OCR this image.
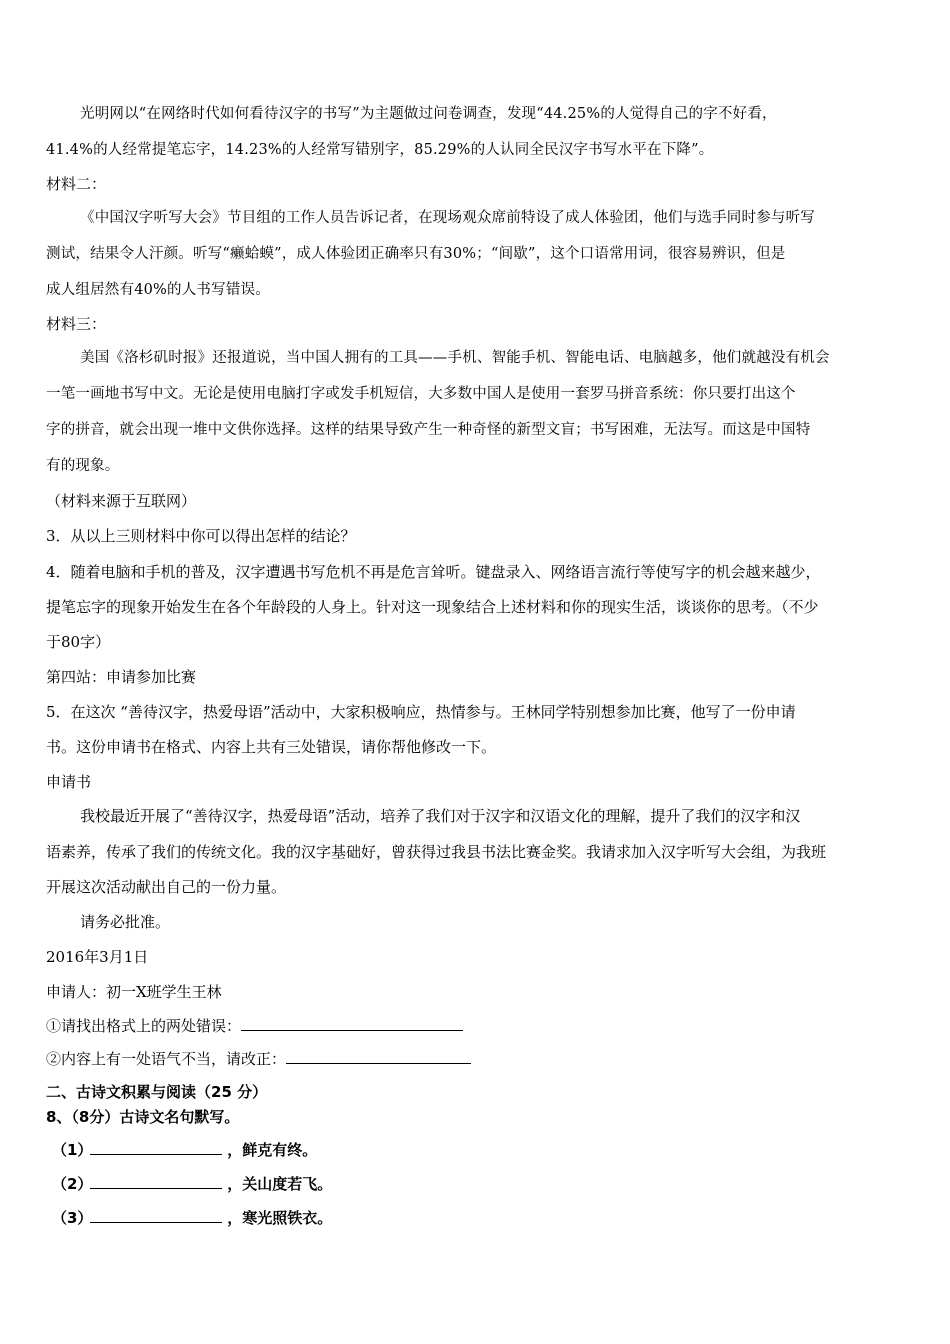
光明网以“在网络时代如何看待汉字的书写”为主题做过问卷调查，发现“44.25%的人觉得自己的字不好看，
41.4%的人经常提笔忘字，14.23%的人经常写错别字，85.29%的人认同全民汉字书写水平在下降”。
材料二：
《中国汉字听写大会》节目组的工作人员告诉记者，在现场观众席前特设了成人体验团，他们与选手同时参与听写
测试，结果令人汗颜。听写“癞蛤蟆”，成人体验团正确率只有30%；“间歇”，这个口语常用词，很容易辨识，但是
成人组居然有40%的人书写错误。
材料三：
美国《洛杉矶时报》还报道说，当中国人拥有的工具——手机、智能手机、智能电话、电脑越多，他们就越没有机会
一笔一画地书写中文。无论是使用电脑打字或发手机短信，大多数中国人是使用一套罗马拼音系统：你只要打出这个
字的拼音，就会出现一堆中文供你选择。这样的结果导致产生一种奇怪的新型文盲；书写困难，无法写。而这是中国特
有的现象。
（材料来源于互联网）
3．从以上三则材料中你可以得出怎样的结论？
4．随着电脑和手机的普及，汉字遭遇书写危机不再是危言耸听。键盘录入、网络语言流行等使写字的机会越来越少，
提笔忘字的现象开始发生在各个年龄段的人身上。针对这一现象结合上述材料和你的现实生活，谈谈你的思考。（不少
于80字）
第四站：申请参加比赛
5．在这次 “善待汉字，热爱母语”活动中，大家积极响应，热情参与。王林同学特别想参加比赛，他写了一份申请
书。这份申请书在格式、内容上共有三处错误，请你帮他修改一下。
申请书
我校最近开展了“善待汉字，热爱母语”活动，培养了我们对于汉字和汉语文化的理解，提升了我们的汉字和汉
语素养，传承了我们的传统文化。我的汉字基础好，曾获得过我县书法比赛金奖。我请求加入汉字听写大会组，为我班
开展这次活动献出自己的一份力量。
请务必批准。
2016年3月1日
申请人：初一X班学生王林
①请找出格式上的两处错误：
②内容上有一处语气不当，请改正：
二、古诗文积累与阅读（25 分）
8、（8分）古诗文名句默写。
（1）	，鲜克有终。
（2）	，关山度若飞。
（3）	，寒光照铁衣。
